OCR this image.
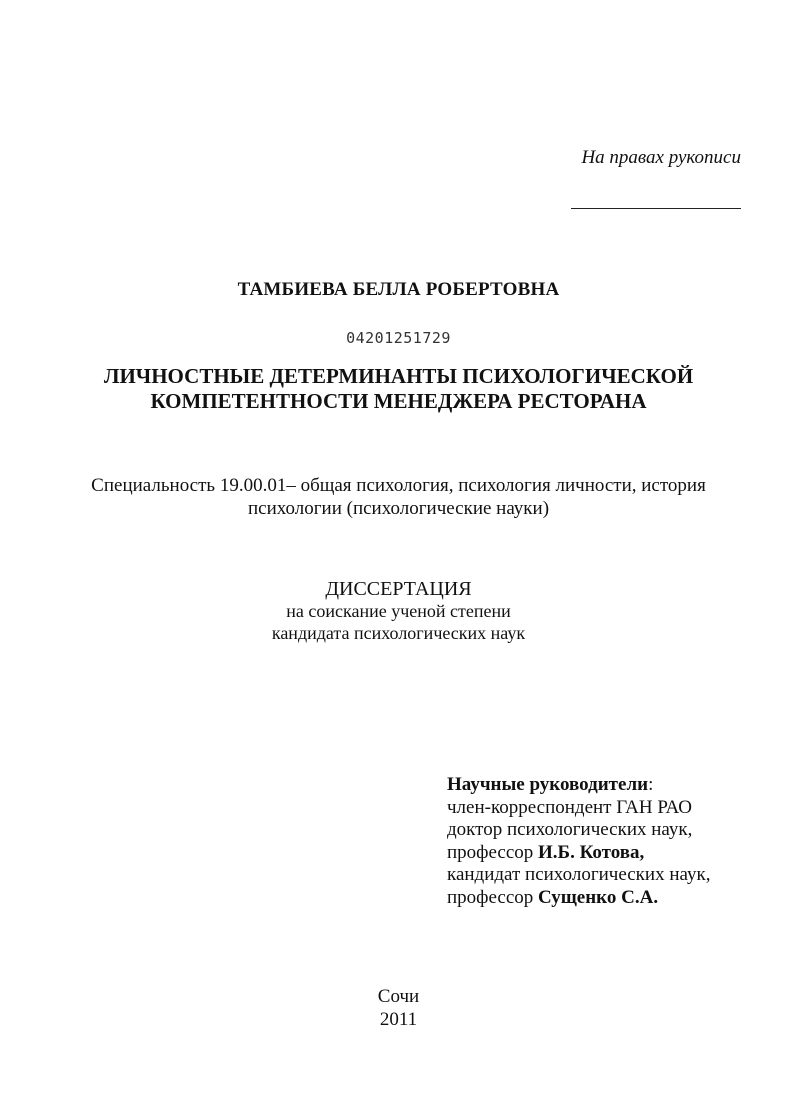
На правах рукописи
ТАМБИЕВА БЕЛЛА РОБЕРТОВНА
04201251729
ЛИЧНОСТНЫЕ ДЕТЕРМИНАНТЫ ПСИХОЛОГИЧЕСКОЙ
КОМПЕТЕНТНОСТИ МЕНЕДЖЕРА РЕСТОРАНА
Специальность 19.00.01– общая психология, психология личности, история
психологии (психологические науки)
ДИССЕРТАЦИЯ
на соискание ученой степени
кандидата психологических наук
Научные руководители:
член-корреспондент ГАН РАО
доктор психологических наук,
профессор И.Б. Котова,
кандидат психологических наук,
профессор Сущенко С.А.
Сочи
2011
